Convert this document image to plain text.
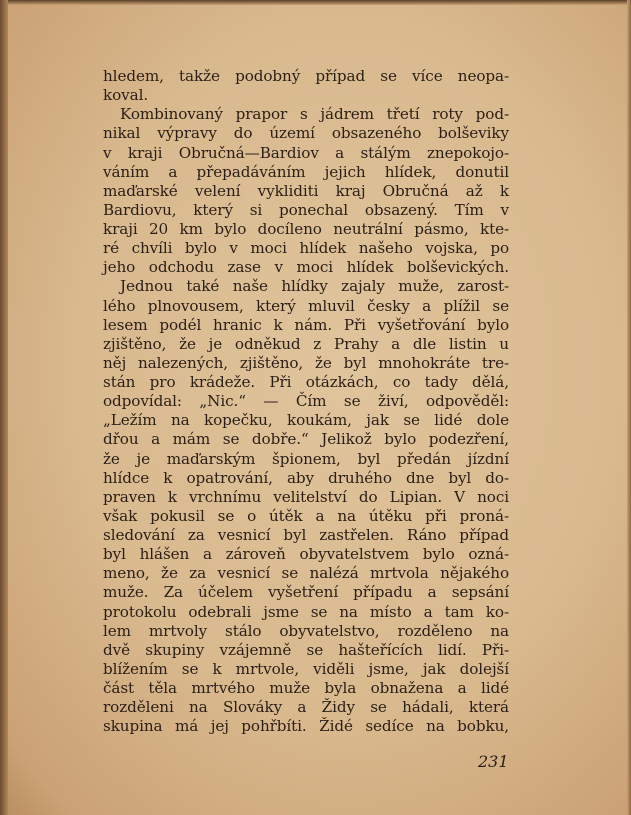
hledem, takže podobný případ se více neopa-
koval.
Kombinovaný prapor s jádrem třetí roty pod-
nikal výpravy do území obsazeného bolševiky
v kraji Obručná—Bardiov a stálým znepokojo-
váním a přepadáváním jejich hlídek, donutil
maďarské velení vykliditi kraj Obručná až k
Bardiovu, který si ponechal obsazený. Tím v
kraji 20 km bylo docíleno neutrální pásmo, kte-
ré chvíli bylo v moci hlídek našeho vojska, po
jeho odchodu zase v moci hlídek bolševických.
Jednou také naše hlídky zajaly muže, zarost-
lého plnovousem, který mluvil česky a plížil se
lesem podél hranic k nám. Při vyšetřování bylo
zjištěno, že je odněkud z Prahy a dle listin u
něj nalezených, zjištěno, že byl mnohokráte tre-
stán pro krádeže. Při otázkách, co tady dělá,
odpovídal: „Nic.“ — Čím se živí, odpověděl:
„Ležím na kopečku, koukám, jak se lidé dole
dřou a mám se dobře.“ Jelikož bylo podezření,
že je maďarským špionem, byl předán jízdní
hlídce k opatrování, aby druhého dne byl do-
praven k vrchnímu velitelství do Lipian. V noci
však pokusil se o útěk a na útěku při proná-
sledování za vesnicí byl zastřelen. Ráno případ
byl hlášen a zároveň obyvatelstvem bylo ozná-
meno, že za vesnicí se nalézá mrtvola nějakého
muže. Za účelem vyšetření případu a sepsání
protokolu odebrali jsme se na místo a tam ko-
lem mrtvoly stálo obyvatelstvo, rozděleno na
dvě skupiny vzájemně se hašteřících lidí. Při-
blížením se k mrtvole, viděli jsme, jak dolejší
část těla mrtvého muže byla obnažena a lidé
rozděleni na Slováky a Židy se hádali, která
skupina má jej pohřbíti. Židé sedíce na bobku,
231
